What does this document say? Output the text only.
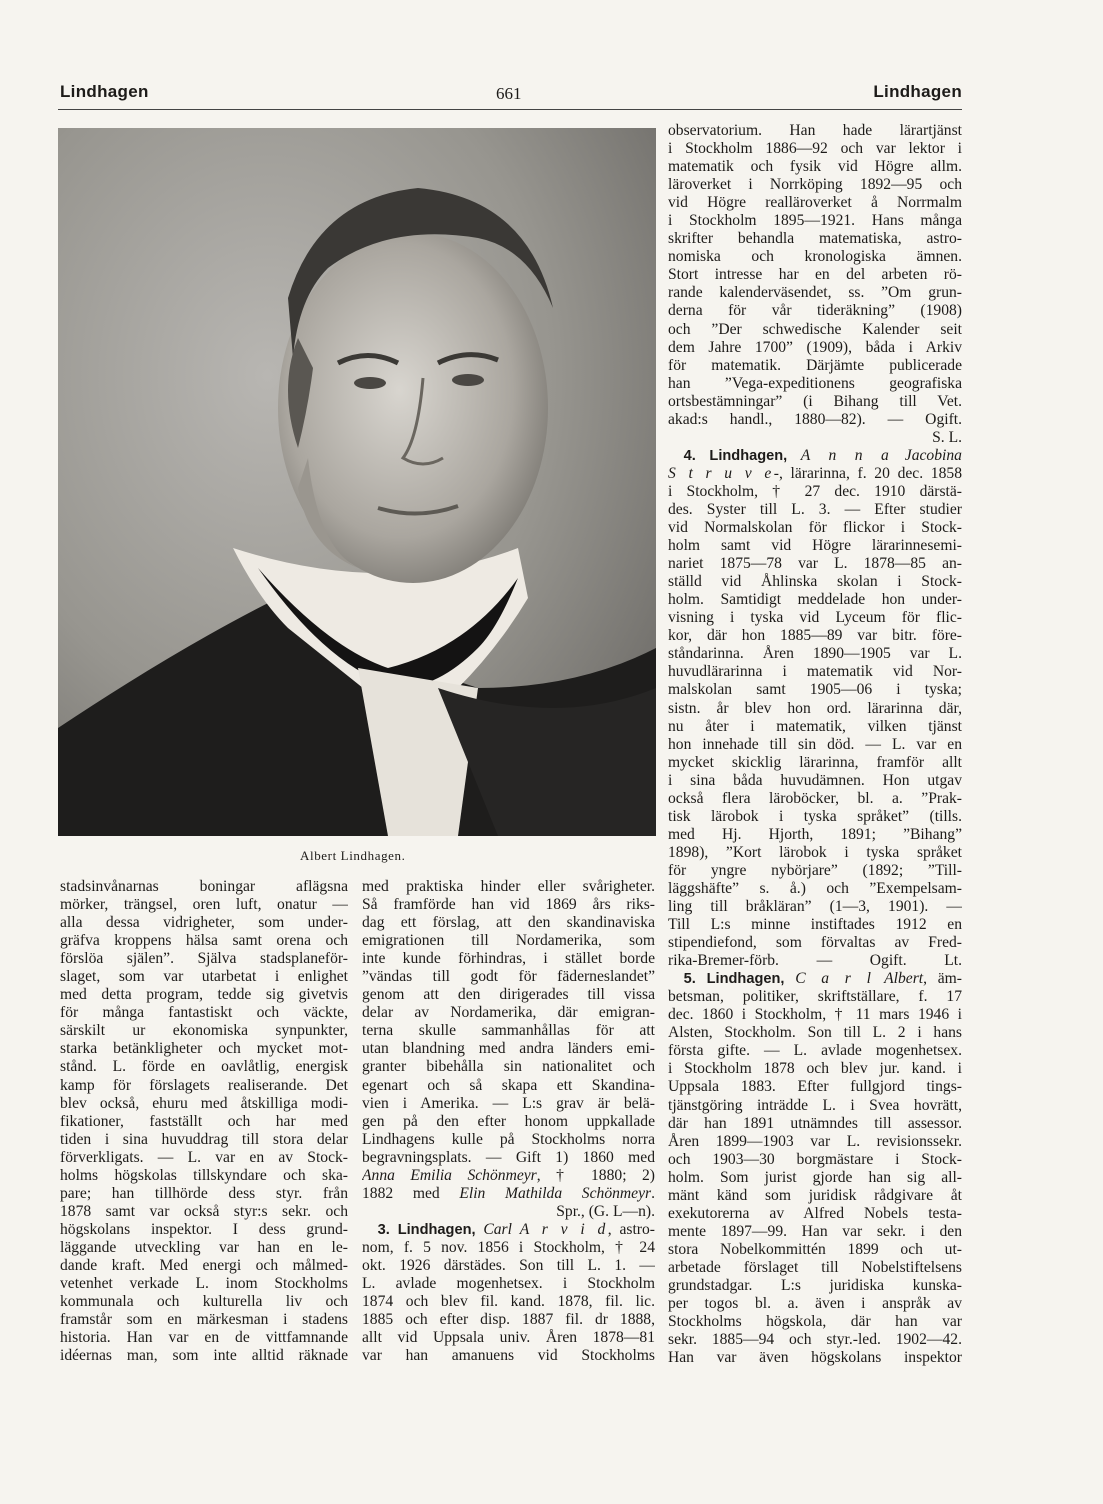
Lindhagen	661	Lindhagen
Albert Lindhagen.
stadsinvånarnas boningar aflägsna
mörker, trängsel, oren luft, onatur —
alla dessa vidrigheter, som under-
gräfva kroppens hälsa samt orena och
förslöa själen”. Själva stadsplaneför-
slaget, som var utarbetat i enlighet
med detta program, tedde sig givetvis
för många fantastiskt och väckte,
särskilt ur ekonomiska synpunkter,
starka betänkligheter och mycket mot-
stånd. L. förde en oavlåtlig, energisk
kamp för förslagets realiserande. Det
blev också, ehuru med åtskilliga modi-
fikationer, fastställt och har med
tiden i sina huvuddrag till stora delar
förverkligats. — L. var en av Stock-
holms högskolas tillskyndare och ska-
pare; han tillhörde dess styr. från
1878 samt var också styr:s sekr. och
högskolans inspektor. I dess grund-
läggande utveckling var han en le-
dande kraft. Med energi och målmed-
vetenhet verkade L. inom Stockholms
kommunala och kulturella liv och
framstår som en märkesman i stadens
historia. Han var en de vittfamnande
idéernas man, som inte alltid räknade
med praktiska hinder eller svårigheter.
Så framförde han vid 1869 års riks-
dag ett förslag, att den skandinaviska
emigrationen till Nordamerika, som
inte kunde förhindras, i stället borde
”vändas till godt för fäderneslandet”
genom att den dirigerades till vissa
delar av Nordamerika, där emigran-
terna skulle sammanhållas för att
utan blandning med andra länders emi-
granter bibehålla sin nationalitet och
egenart och så skapa ett Skandina-
vien i Amerika. — L:s grav är belä-
gen på den efter honom uppkallade
Lindhagens kulle på Stockholms norra
begravningsplats. — Gift 1) 1860 med
Anna Emilia Schönmeyr, † 1880; 2)
1882 med Elin Mathilda Schönmeyr.
Spr., (G. L—n).
 3. Lindhagen, Carl A r v i d, astro-
nom, f. 5 nov. 1856 i Stockholm, † 24
okt. 1926 därstädes. Son till L. 1. —
L. avlade mogenhetsex. i Stockholm
1874 och blev fil. kand. 1878, fil. lic.
1885 och efter disp. 1887 fil. dr 1888,
allt vid Uppsala univ. Åren 1878—81
var han amanuens vid Stockholms
observatorium. Han hade lärartjänst
i Stockholm 1886—92 och var lektor i
matematik och fysik vid Högre allm.
läroverket i Norrköping 1892—95 och
vid Högre realläroverket å Norrmalm
i Stockholm 1895—1921. Hans många
skrifter behandla matematiska, astro-
nomiska och kronologiska ämnen.
Stort intresse har en del arbeten rö-
rande kalenderväsendet, ss. ”Om grun-
derna för vår tideräkning” (1908)
och ”Der schwedische Kalender seit
dem Jahre 1700” (1909), båda i Arkiv
för matematik. Därjämte publicerade
han ”Vega-expeditionens geografiska
ortsbestämningar” (i Bihang till Vet.
akad:s handl., 1880—82). — Ogift.
S. L.
 4. Lindhagen, A n n a Jacobina
S t r u v e-, lärarinna, f. 20 dec. 1858
i Stockholm, † 27 dec. 1910 därstä-
des. Syster till L. 3. — Efter studier
vid Normalskolan för flickor i Stock-
holm samt vid Högre lärarinnesemi-
nariet 1875—78 var L. 1878—85 an-
ställd vid Åhlinska skolan i Stock-
holm. Samtidigt meddelade hon under-
visning i tyska vid Lyceum för flic-
kor, där hon 1885—89 var bitr. före-
ståndarinna. Åren 1890—1905 var L.
huvudlärarinna i matematik vid Nor-
malskolan samt 1905—06 i tyska;
sistn. år blev hon ord. lärarinna där,
nu åter i matematik, vilken tjänst
hon innehade till sin död. — L. var en
mycket skicklig lärarinna, framför allt
i sina båda huvudämnen. Hon utgav
också flera läroböcker, bl. a. ”Prak-
tisk lärobok i tyska språket” (tills.
med Hj. Hjorth, 1891; ”Bihang”
1898), ”Kort lärobok i tyska språket
för yngre nybörjare” (1892; ”Till-
läggshäfte” s. å.) och ”Exempelsam-
ling till bråkläran” (1—3, 1901). —
Till L:s minne instiftades 1912 en
stipendiefond, som förvaltas av Fred-
rika-Bremer-förb. — Ogift. Lt.
 5. Lindhagen, C a r l Albert, äm-
betsman, politiker, skriftställare, f. 17
dec. 1860 i Stockholm, † 11 mars 1946 i
Alsten, Stockholm. Son till L. 2 i hans
första gifte. — L. avlade mogenhetsex.
i Stockholm 1878 och blev jur. kand. i
Uppsala 1883. Efter fullgjord tings-
tjänstgöring inträdde L. i Svea hovrätt,
där han 1891 utnämndes till assessor.
Åren 1899—1903 var L. revisionssekr.
och 1903—30 borgmästare i Stock-
holm. Som jurist gjorde han sig all-
mänt känd som juridisk rådgivare åt
exekutorerna av Alfred Nobels testa-
mente 1897—99. Han var sekr. i den
stora Nobelkommittén 1899 och ut-
arbetade förslaget till Nobelstiftelsens
grundstadgar. L:s juridiska kunska-
per togos bl. a. även i anspråk av
Stockholms högskola, där han var
sekr. 1885—94 och styr.-led. 1902—42.
Han var även högskolans inspektor
